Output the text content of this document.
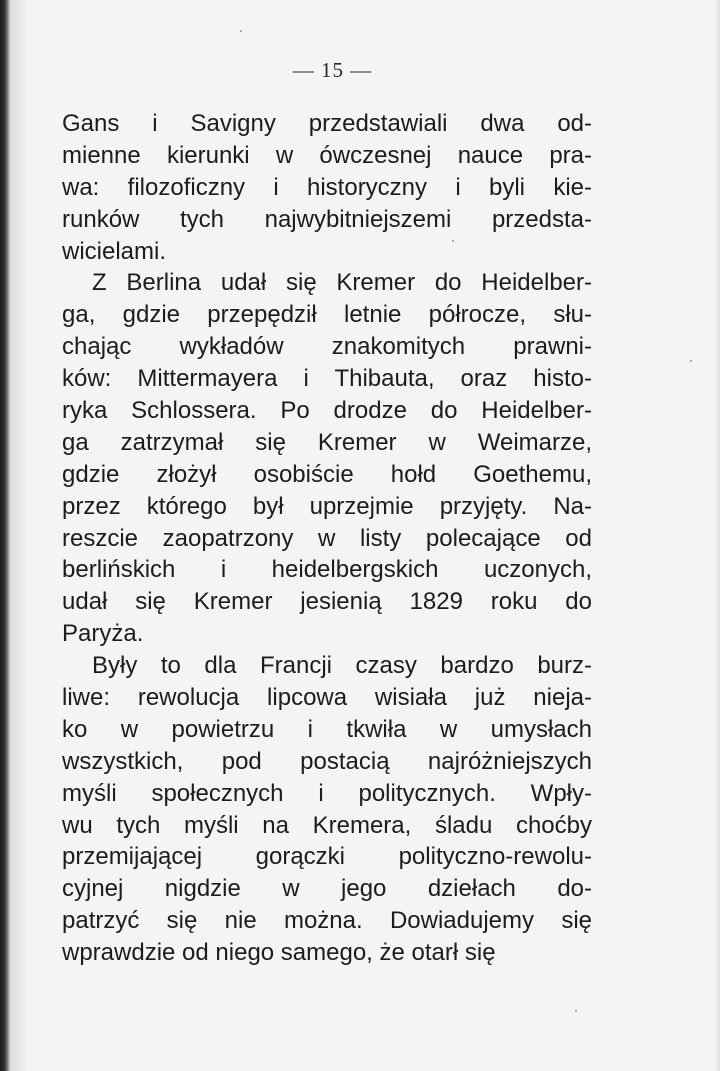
— 15 —
Gans i Savigny przedstawiali dwa od-
mienne kierunki w ówczesnej nauce pra-
wa: filozoficzny i historyczny i byli kie-
runków tych najwybitniejszemi przedsta-
wicielami.
Z Berlina udał się Kremer do Heidelber-
ga, gdzie przepędził letnie półrocze, słu-
chając wykładów znakomitych prawni-
ków: Mittermayera i Thibauta, oraz histo-
ryka Schlossera. Po drodze do Heidelber-
ga zatrzymał się Kremer w Weimarze,
gdzie złożył osobiście hołd Goethemu,
przez którego był uprzejmie przyjęty. Na-
reszcie zaopatrzony w listy polecające od
berlińskich i heidelbergskich uczonych,
udał się Kremer jesienią 1829 roku do
Paryża.
Były to dla Francji czasy bardzo burz-
liwe: rewolucja lipcowa wisiała już nieja-
ko w powietrzu i tkwiła w umysłach
wszystkich, pod postacią najróżniejszych
myśli społecznych i politycznych. Wpły-
wu tych myśli na Kremera, śladu choćby
przemijającej gorączki polityczno-rewolu-
cyjnej nigdzie w jego dziełach do-
patrzyć się nie można. Dowiadujemy się
wprawdzie od niego samego, że otarł się
